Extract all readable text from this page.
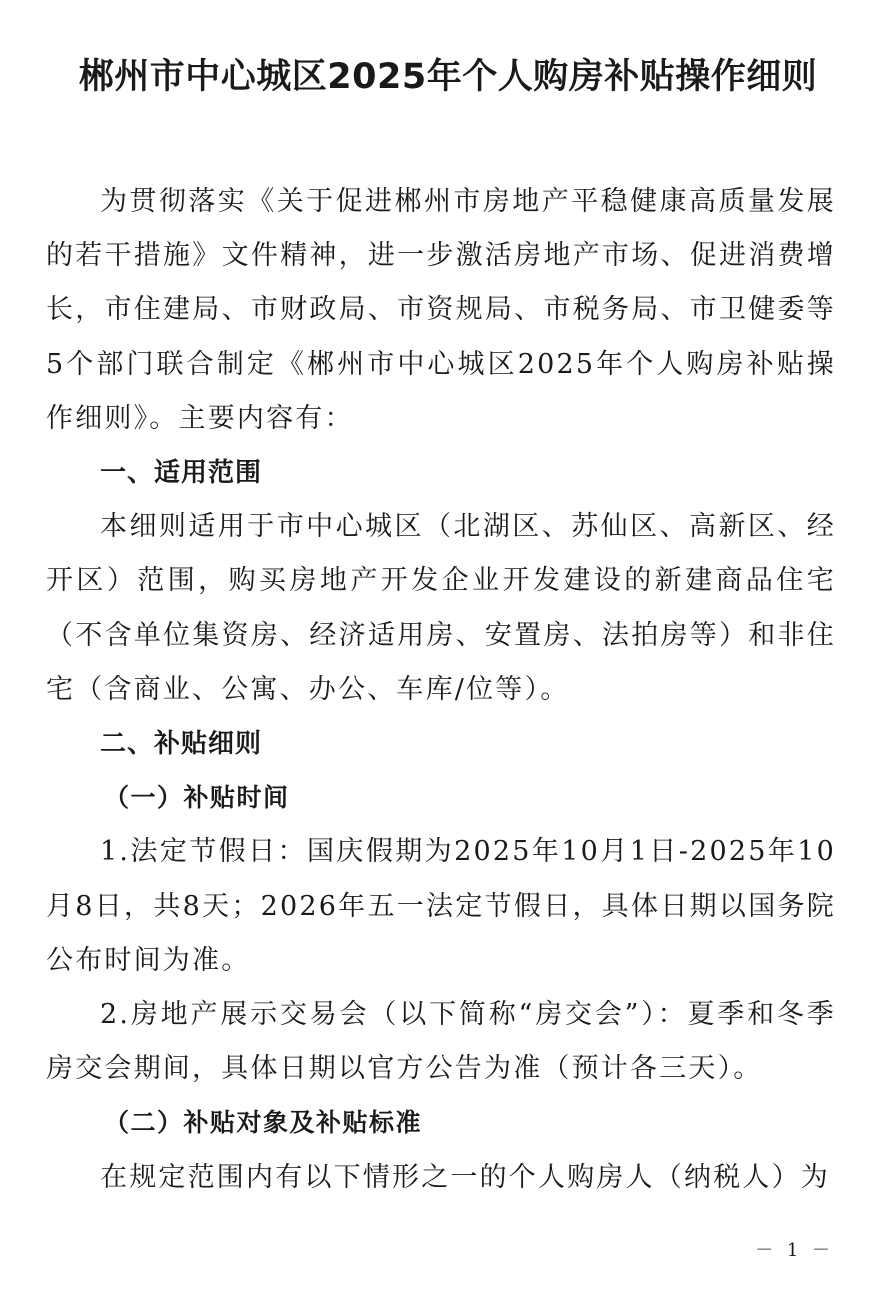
郴州市中心城区2025年个人购房补贴操作细则

为贯彻落实《关于促进郴州市房地产平稳健康高质量发展的若干措施》文件精神，进一步激活房地产市场、促进消费增长，市住建局、市财政局、市资规局、市税务局、市卫健委等5个部门联合制定《郴州市中心城区2025年个人购房补贴操作细则》。主要内容有：

一、适用范围

本细则适用于市中心城区（北湖区、苏仙区、高新区、经开区）范围，购买房地产开发企业开发建设的新建商品住宅（不含单位集资房、经济适用房、安置房、法拍房等）和非住宅（含商业、公寓、办公、车库/位等）。

二、补贴细则
（一）补贴时间

1.法定节假日：国庆假期为2025年10月1日-2025年10月8日，共8天；2026年五一法定节假日，具体日期以国务院公布时间为准。

2.房地产展示交易会（以下简称“房交会”）：夏季和冬季房交会期间，具体日期以官方公告为准（预计各三天）。

（二）补贴对象及补贴标准

在规定范围内有以下情形之一的个人购房人（纳税人）为

－ 1 －
